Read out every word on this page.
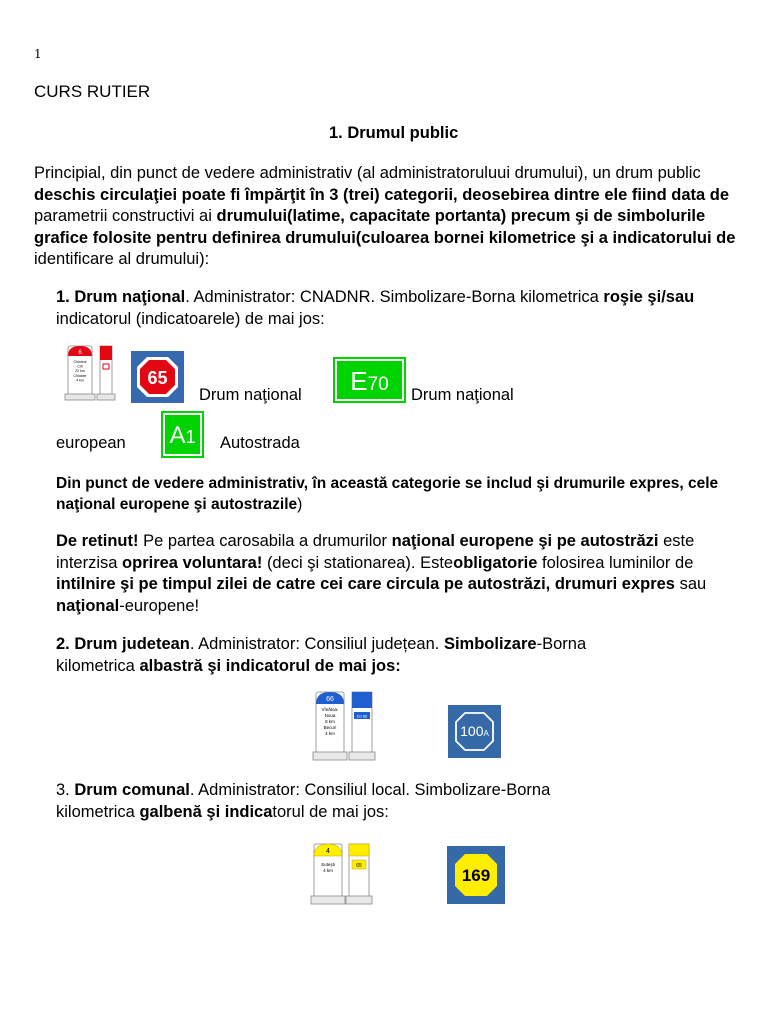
1
CURS RUTIER
1. Drumul public
Principial, din punct de vedere administrativ (al administratoruluui drumului), un drum public
deschis circulaţiei poate fi împărţit în 3 (trei) categorii, deosebirea dintre ele fiind data de
parametrii constructivi ai drumului(latime, capacitate portanta) precum şi de simbolurile
grafice folosite pentru definirea drumului(culoarea bornei kilometrice şi a indicatorului de
identificare al drumului):
1. Drum naţional. Administrator: CNADNR. Simbolizare-Borna kilometrica roşie şi/sau
indicatorul (indicatoarele) de mai jos:
6
Chiuleni
Cilt
22 km
Chiusler
4 km	65
Drum naţional E70 Drum naţional
european A1 Autostrada
Din punct de vedere administrativ, în această categorie se includ şi drumurile expres, cele
naţional europene şi autostrazile)
De retinut! Pe partea carosabila a drumurilor naţional europene şi pe autostrăzi este
interzisa oprirea voluntara! (deci şi stationarea). Esteobligatorie folosirea luminilor de
intilnire şi pe timpul zilei de catre cei care circula pe autostrăzi, drumuri expres sau
naţional-europene!
2. Drum judetean. Administrator: Consiliul județean. Simbolizare-Borna
kilometrica albastră şi indicatorul de mai jos:
66
Vînătoa-
Noua
8 km
Becuri
4 km
DJ 66
100A
3. Drum comunal. Administrator: Consiliul local. Simbolizare-Borna
kilometrica galbenă şi indicatorul de mai jos:
4
Suteşti
4 km
65	169
